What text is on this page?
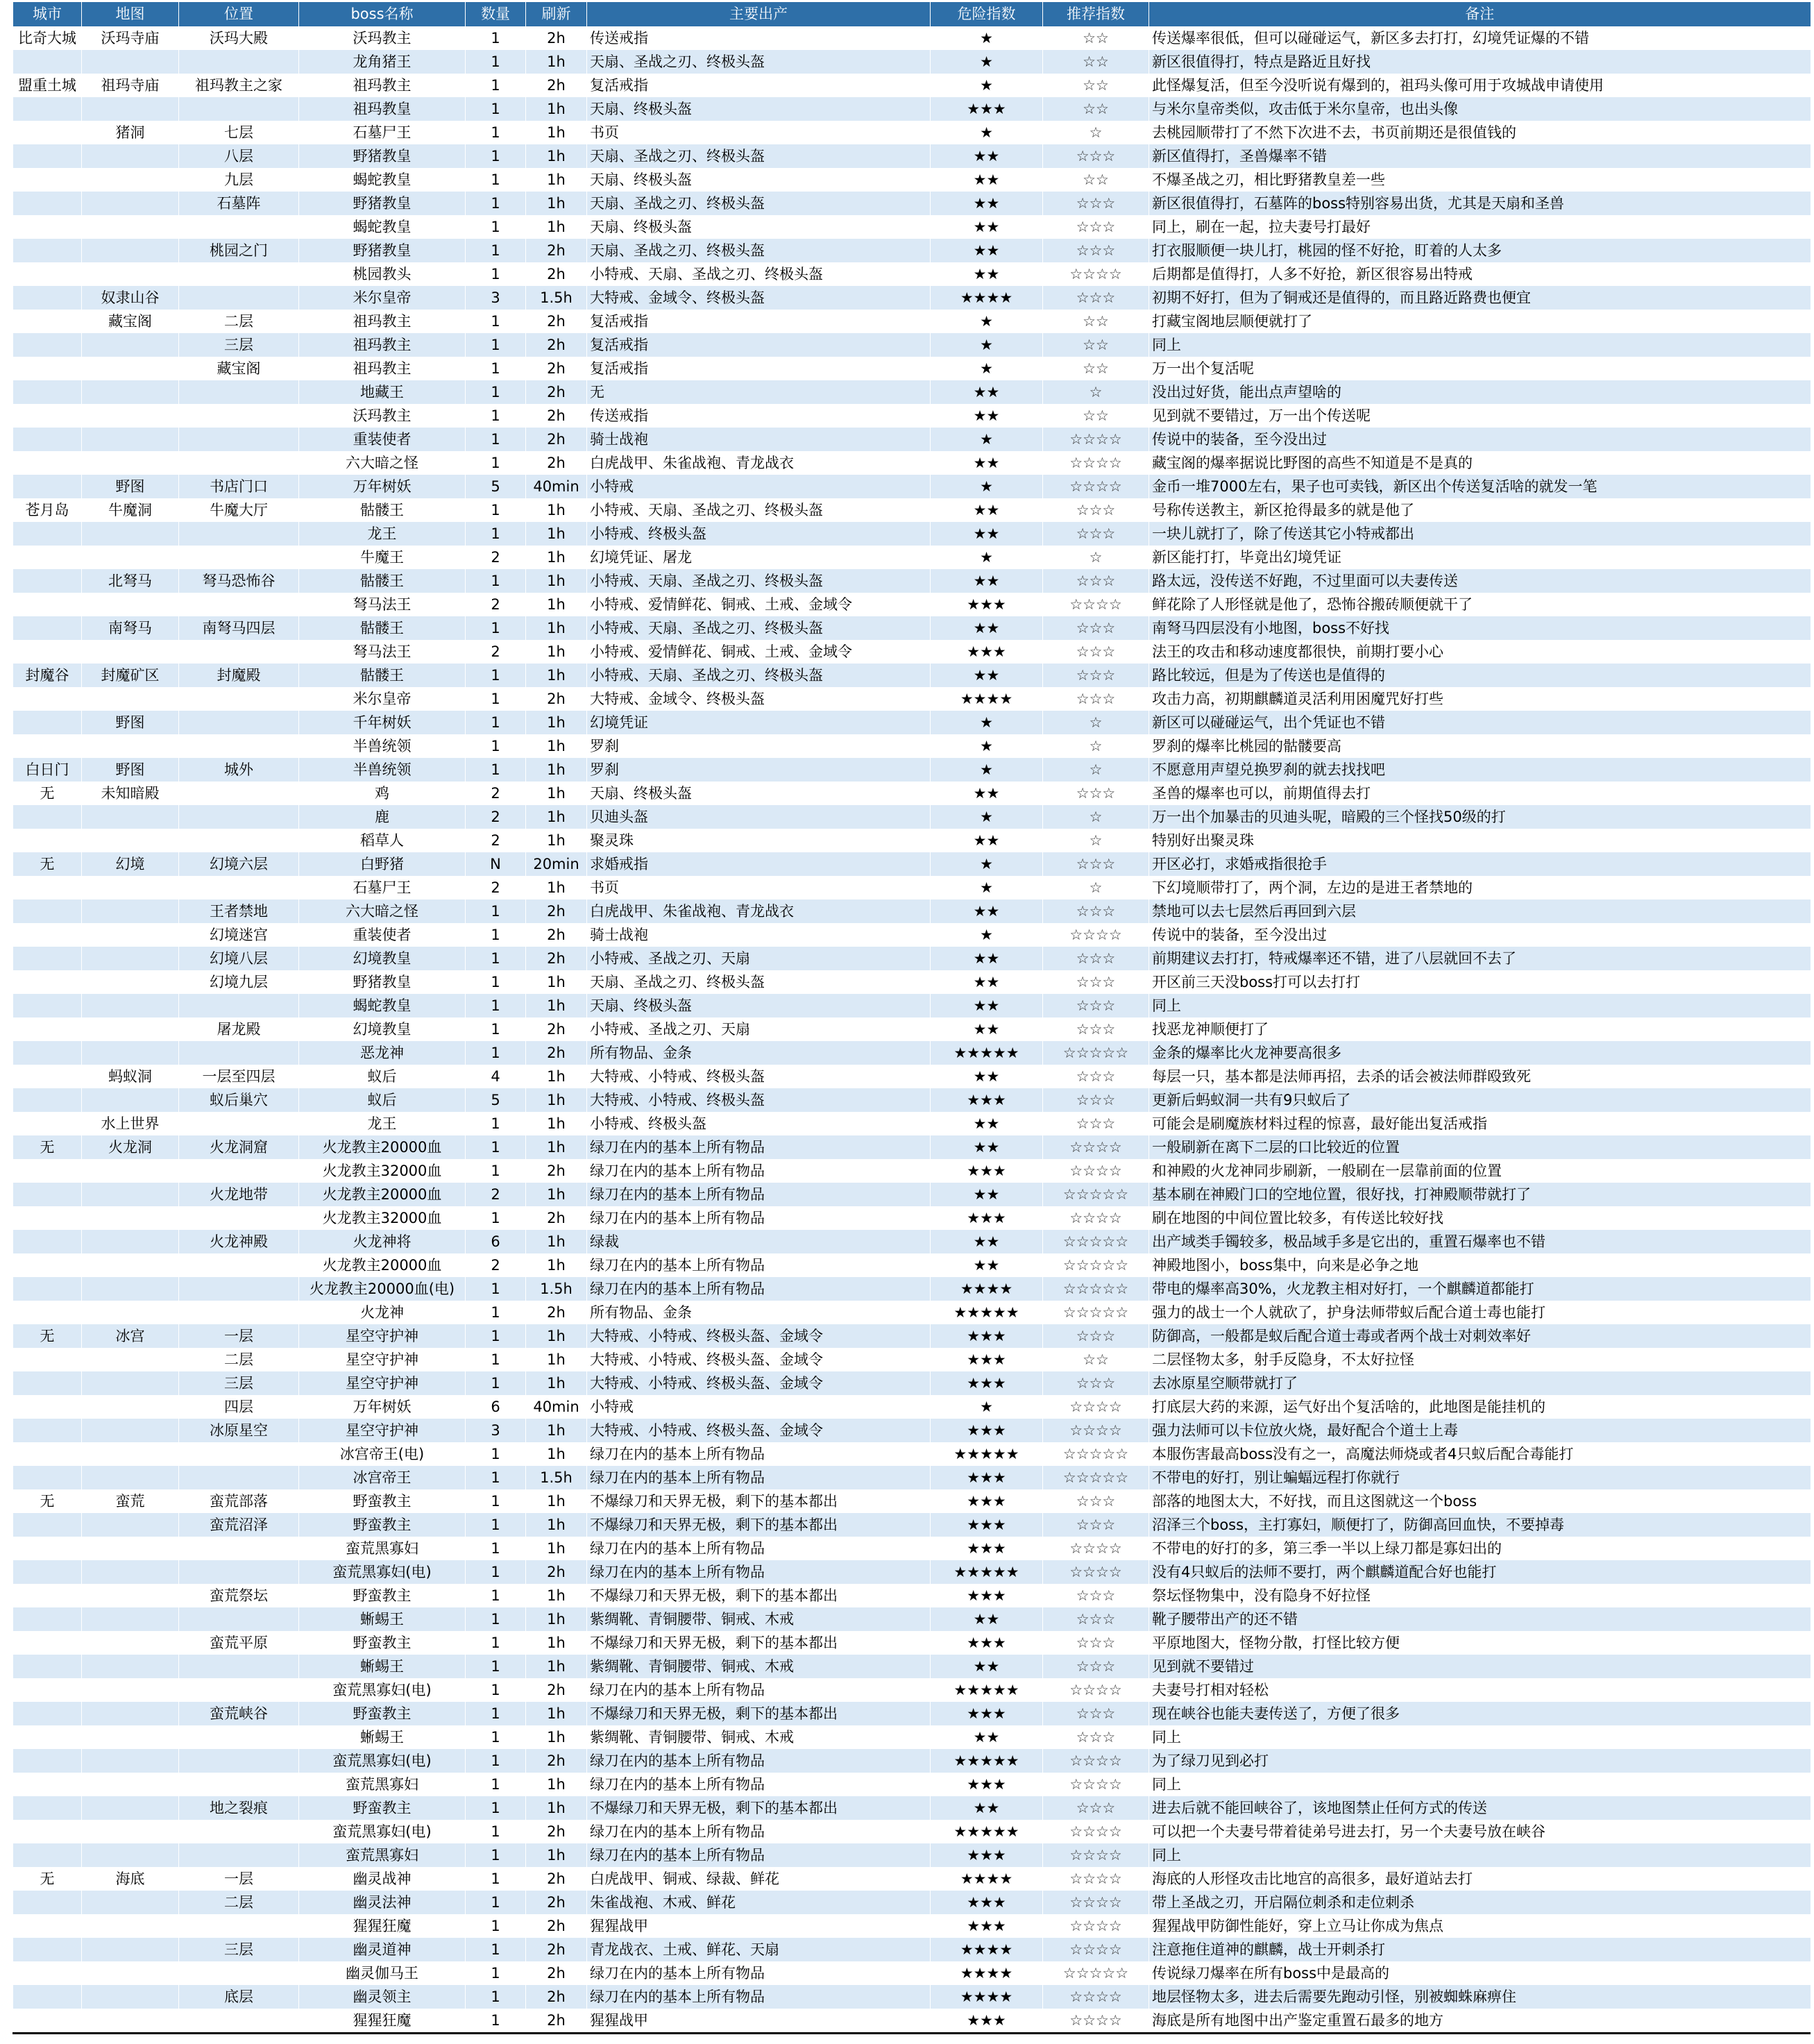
城市	地图	位置	boss名称	数量	刷新	主要出产	危险指数	推荐指数	备注
比奇大城	沃玛寺庙	沃玛大殿	沃玛教主	1	2h	传送戒指	★	☆☆	传送爆率很低，但可以碰碰运气，新区多去打打，幻境凭证爆的不错
			龙角猪王	1	1h	天扇、圣战之刃、终极头盔	★	☆☆	新区很值得打，特点是路近且好找
盟重土城	祖玛寺庙	祖玛教主之家	祖玛教主	1	2h	复活戒指	★	☆☆	此怪爆复活，但至今没听说有爆到的，祖玛头像可用于攻城战申请使用
			祖玛教皇	1	1h	天扇、终极头盔	★★★	☆☆	与米尔皇帝类似，攻击低于米尔皇帝，也出头像
	猪洞	七层	石墓尸王	1	1h	书页	★	☆	去桃园顺带打了不然下次进不去，书页前期还是很值钱的
		八层	野猪教皇	1	1h	天扇、圣战之刃、终极头盔	★★	☆☆☆	新区值得打，圣兽爆率不错
		九层	蝎蛇教皇	1	1h	天扇、终极头盔	★★	☆☆	不爆圣战之刃，相比野猪教皇差一些
		石墓阵	野猪教皇	1	1h	天扇、圣战之刃、终极头盔	★★	☆☆☆	新区很值得打，石墓阵的boss特别容易出货，尤其是天扇和圣兽
			蝎蛇教皇	1	1h	天扇、终极头盔	★★	☆☆☆	同上，刷在一起，拉夫妻号打最好
		桃园之门	野猪教皇	1	2h	天扇、圣战之刃、终极头盔	★★	☆☆☆	打衣服顺便一块儿打，桃园的怪不好抢，盯着的人太多
			桃园教头	1	2h	小特戒、天扇、圣战之刃、终极头盔	★★	☆☆☆☆	后期都是值得打，人多不好抢，新区很容易出特戒
	奴隶山谷		米尔皇帝	3	1.5h	大特戒、金域令、终极头盔	★★★★	☆☆☆	初期不好打，但为了铜戒还是值得的，而且路近路费也便宜
	藏宝阁	二层	祖玛教主	1	2h	复活戒指	★	☆☆	打藏宝阁地层顺便就打了
		三层	祖玛教主	1	2h	复活戒指	★	☆☆	同上
		藏宝阁	祖玛教主	1	2h	复活戒指	★	☆☆	万一出个复活呢
			地藏王	1	2h	无	★★	☆	没出过好货，能出点声望啥的
			沃玛教主	1	2h	传送戒指	★★	☆☆	见到就不要错过，万一出个传送呢
			重装使者	1	2h	骑士战袍	★	☆☆☆☆	传说中的装备，至今没出过
			六大暗之怪	1	2h	白虎战甲、朱雀战袍、青龙战衣	★★	☆☆☆☆	藏宝阁的爆率据说比野图的高些不知道是不是真的
	野图	书店门口	万年树妖	5	40min	小特戒	★	☆☆☆☆	金币一堆7000左右，果子也可卖钱，新区出个传送复活啥的就发一笔
苍月岛	牛魔洞	牛魔大厅	骷髅王	1	1h	小特戒、天扇、圣战之刃、终极头盔	★★	☆☆☆	号称传送教主，新区抢得最多的就是他了
			龙王	1	1h	小特戒、终极头盔	★★	☆☆☆	一块儿就打了，除了传送其它小特戒都出
			牛魔王	2	1h	幻境凭证、屠龙	★	☆	新区能打打，毕竟出幻境凭证
	北弩马	弩马恐怖谷	骷髅王	1	1h	小特戒、天扇、圣战之刃、终极头盔	★★	☆☆☆	路太远，没传送不好跑，不过里面可以夫妻传送
			弩马法王	2	1h	小特戒、爱情鲜花、铜戒、土戒、金域令	★★★	☆☆☆☆	鲜花除了人形怪就是他了，恐怖谷搬砖顺便就干了
	南弩马	南弩马四层	骷髅王	1	1h	小特戒、天扇、圣战之刃、终极头盔	★★	☆☆☆	南弩马四层没有小地图，boss不好找
			弩马法王	2	1h	小特戒、爱情鲜花、铜戒、土戒、金域令	★★★	☆☆☆	法王的攻击和移动速度都很快，前期打要小心
封魔谷	封魔矿区	封魔殿	骷髅王	1	1h	小特戒、天扇、圣战之刃、终极头盔	★★	☆☆☆	路比较远，但是为了传送也是值得的
			米尔皇帝	1	2h	大特戒、金域令、终极头盔	★★★★	☆☆☆	攻击力高，初期麒麟道灵活利用困魔咒好打些
	野图		千年树妖	1	1h	幻境凭证	★	☆	新区可以碰碰运气，出个凭证也不错
			半兽统领	1	1h	罗刹	★	☆	罗刹的爆率比桃园的骷髅要高
白日门	野图	城外	半兽统领	1	1h	罗刹	★	☆	不愿意用声望兑换罗刹的就去找找吧
无	未知暗殿		鸡	2	1h	天扇、终极头盔	★★	☆☆☆	圣兽的爆率也可以，前期值得去打
			鹿	2	1h	贝迪头盔	★	☆	万一出个加暴击的贝迪头呢，暗殿的三个怪找50级的打
			稻草人	2	1h	聚灵珠	★★	☆	特别好出聚灵珠
无	幻境	幻境六层	白野猪	N	20min	求婚戒指	★	☆☆☆	开区必打，求婚戒指很抢手
			石墓尸王	2	1h	书页	★	☆	下幻境顺带打了，两个洞，左边的是进王者禁地的
		王者禁地	六大暗之怪	1	2h	白虎战甲、朱雀战袍、青龙战衣	★★	☆☆☆	禁地可以去七层然后再回到六层
		幻境迷宫	重装使者	1	2h	骑士战袍	★	☆☆☆☆	传说中的装备，至今没出过
		幻境八层	幻境教皇	1	2h	小特戒、圣战之刃、天扇	★★	☆☆☆	前期建议去打打，特戒爆率还不错，进了八层就回不去了
		幻境九层	野猪教皇	1	1h	天扇、圣战之刃、终极头盔	★★	☆☆☆	开区前三天没boss打可以去打打
			蝎蛇教皇	1	1h	天扇、终极头盔	★★	☆☆☆	同上
		屠龙殿	幻境教皇	1	2h	小特戒、圣战之刃、天扇	★★	☆☆☆	找恶龙神顺便打了
			恶龙神	1	2h	所有物品、金条	★★★★★	☆☆☆☆☆	金条的爆率比火龙神要高很多
	蚂蚁洞	一层至四层	蚁后	4	1h	大特戒、小特戒、终极头盔	★★	☆☆☆	每层一只，基本都是法师再招，去杀的话会被法师群殴致死
		蚁后巢穴	蚁后	5	1h	大特戒、小特戒、终极头盔	★★★	☆☆☆	更新后蚂蚁洞一共有9只蚁后了
	水上世界		龙王	1	1h	小特戒、终极头盔	★★	☆☆☆	可能会是刷魔族材料过程的惊喜，最好能出复活戒指
无	火龙洞	火龙洞窟	火龙教主20000血	1	1h	绿刀在内的基本上所有物品	★★	☆☆☆☆	一般刷新在离下二层的口比较近的位置
			火龙教主32000血	1	2h	绿刀在内的基本上所有物品	★★★	☆☆☆☆	和神殿的火龙神同步刷新，一般刷在一层靠前面的位置
		火龙地带	火龙教主20000血	2	1h	绿刀在内的基本上所有物品	★★	☆☆☆☆☆	基本刷在神殿门口的空地位置，很好找，打神殿顺带就打了
			火龙教主32000血	1	2h	绿刀在内的基本上所有物品	★★★	☆☆☆☆	刷在地图的中间位置比较多，有传送比较好找
		火龙神殿	火龙神将	6	1h	绿裁	★★	☆☆☆☆☆	出产域类手镯较多，极品域手多是它出的，重置石爆率也不错
			火龙教主20000血	2	1h	绿刀在内的基本上所有物品	★★	☆☆☆☆☆	神殿地图小，boss集中，向来是必争之地
			火龙教主20000血(电)	1	1.5h	绿刀在内的基本上所有物品	★★★★	☆☆☆☆☆	带电的爆率高30%，火龙教主相对好打，一个麒麟道都能打
			火龙神	1	2h	所有物品、金条	★★★★★	☆☆☆☆☆	强力的战士一个人就砍了，护身法师带蚁后配合道士毒也能打
无	冰宫	一层	星空守护神	1	1h	大特戒、小特戒、终极头盔、金域令	★★★	☆☆☆	防御高，一般都是蚁后配合道士毒或者两个战士对刺效率好
		二层	星空守护神	1	1h	大特戒、小特戒、终极头盔、金域令	★★★	☆☆	二层怪物太多，射手反隐身，不太好拉怪
		三层	星空守护神	1	1h	大特戒、小特戒、终极头盔、金域令	★★★	☆☆☆	去冰原星空顺带就打了
		四层	万年树妖	6	40min	小特戒	★	☆☆☆☆	打底层大药的来源，运气好出个复活啥的，此地图是能挂机的
		冰原星空	星空守护神	3	1h	大特戒、小特戒、终极头盔、金域令	★★★	☆☆☆☆	强力法师可以卡位放火烧，最好配合个道士上毒
			冰宫帝王(电)	1	1h	绿刀在内的基本上所有物品	★★★★★	☆☆☆☆☆	本服伤害最高boss没有之一，高魔法师烧或者4只蚁后配合毒能打
			冰宫帝王	1	1.5h	绿刀在内的基本上所有物品	★★★	☆☆☆☆☆	不带电的好打，别让蝙蝠远程打你就行
无	蛮荒	蛮荒部落	野蛮教主	1	1h	不爆绿刀和天界无极，剩下的基本都出	★★★	☆☆☆	部落的地图太大，不好找，而且这图就这一个boss
		蛮荒沼泽	野蛮教主	1	1h	不爆绿刀和天界无极，剩下的基本都出	★★★	☆☆☆	沼泽三个boss，主打寡妇，顺便打了，防御高回血快，不要掉毒
			蛮荒黑寡妇	1	1h	绿刀在内的基本上所有物品	★★★	☆☆☆☆	不带电的好打的多，第三季一半以上绿刀都是寡妇出的
			蛮荒黑寡妇(电)	1	2h	绿刀在内的基本上所有物品	★★★★★	☆☆☆☆	没有4只蚁后的法师不要打，两个麒麟道配合好也能打
		蛮荒祭坛	野蛮教主	1	1h	不爆绿刀和天界无极，剩下的基本都出	★★★	☆☆☆	祭坛怪物集中，没有隐身不好拉怪
			蜥蜴王	1	1h	紫绸靴、青铜腰带、铜戒、木戒	★★	☆☆☆	靴子腰带出产的还不错
		蛮荒平原	野蛮教主	1	1h	不爆绿刀和天界无极，剩下的基本都出	★★★	☆☆☆	平原地图大，怪物分散，打怪比较方便
			蜥蜴王	1	1h	紫绸靴、青铜腰带、铜戒、木戒	★★	☆☆☆	见到就不要错过
			蛮荒黑寡妇(电)	1	2h	绿刀在内的基本上所有物品	★★★★★	☆☆☆☆	夫妻号打相对轻松
		蛮荒峡谷	野蛮教主	1	1h	不爆绿刀和天界无极，剩下的基本都出	★★★	☆☆☆	现在峡谷也能夫妻传送了，方便了很多
			蜥蜴王	1	1h	紫绸靴、青铜腰带、铜戒、木戒	★★	☆☆☆	同上
			蛮荒黑寡妇(电)	1	2h	绿刀在内的基本上所有物品	★★★★★	☆☆☆☆	为了绿刀见到必打
			蛮荒黑寡妇	1	1h	绿刀在内的基本上所有物品	★★★	☆☆☆☆	同上
		地之裂痕	野蛮教主	1	1h	不爆绿刀和天界无极，剩下的基本都出	★★	☆☆☆	进去后就不能回峡谷了，该地图禁止任何方式的传送
			蛮荒黑寡妇(电)	1	2h	绿刀在内的基本上所有物品	★★★★★	☆☆☆☆	可以把一个夫妻号带着徒弟号进去打，另一个夫妻号放在峡谷
			蛮荒黑寡妇	1	1h	绿刀在内的基本上所有物品	★★★	☆☆☆☆	同上
无	海底	一层	幽灵战神	1	2h	白虎战甲、铜戒、绿裁、鲜花	★★★★	☆☆☆☆	海底的人形怪攻击比地宫的高很多，最好道站去打
		二层	幽灵法神	1	2h	朱雀战袍、木戒、鲜花	★★★	☆☆☆☆	带上圣战之刃，开启隔位刺杀和走位刺杀
			猩猩狂魔	1	2h	猩猩战甲	★★★	☆☆☆☆	猩猩战甲防御性能好，穿上立马让你成为焦点
		三层	幽灵道神	1	2h	青龙战衣、土戒、鲜花、天扇	★★★★	☆☆☆☆	注意拖住道神的麒麟，战士开刺杀打
			幽灵伽马王	1	2h	绿刀在内的基本上所有物品	★★★★	☆☆☆☆☆	传说绿刀爆率在所有boss中是最高的
		底层	幽灵领主	1	2h	绿刀在内的基本上所有物品	★★★★	☆☆☆☆	地层怪物太多，进去后需要先跑动引怪，别被蜘蛛麻痹住
			猩猩狂魔	1	2h	猩猩战甲	★★★	☆☆☆☆	海底是所有地图中出产鉴定重置石最多的地方
